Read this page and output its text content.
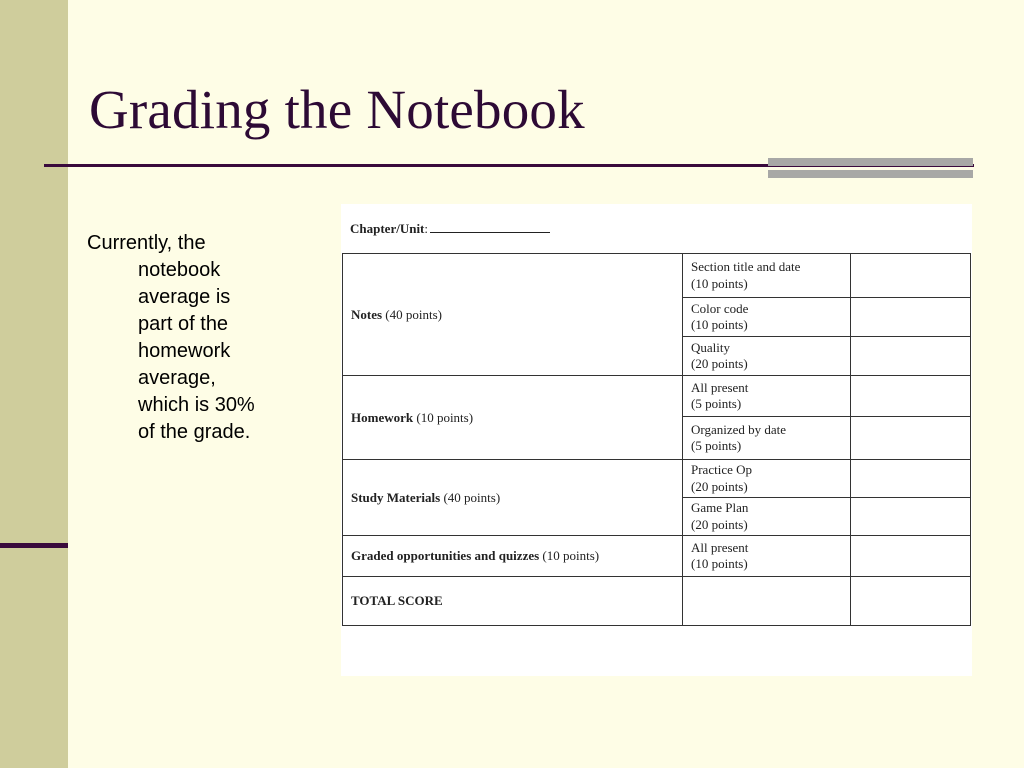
Grading the Notebook
Currently, the
notebook
average is
part of the
homework
average,
which is 30%
of the grade.
Chapter/Unit:
Notes (40 points)	Section title and date
(10 points)	

	Color code
(10 points)	

	Quality
(20 points)	

Homework (10 points)	All present
(5 points)	

	Organized by date
(5 points)	

Study Materials (40 points)	Practice Op
(20 points)	

	Game Plan
(20 points)	

Graded opportunities and quizzes (10 points)	All present
(10 points)	

TOTAL SCORE		
